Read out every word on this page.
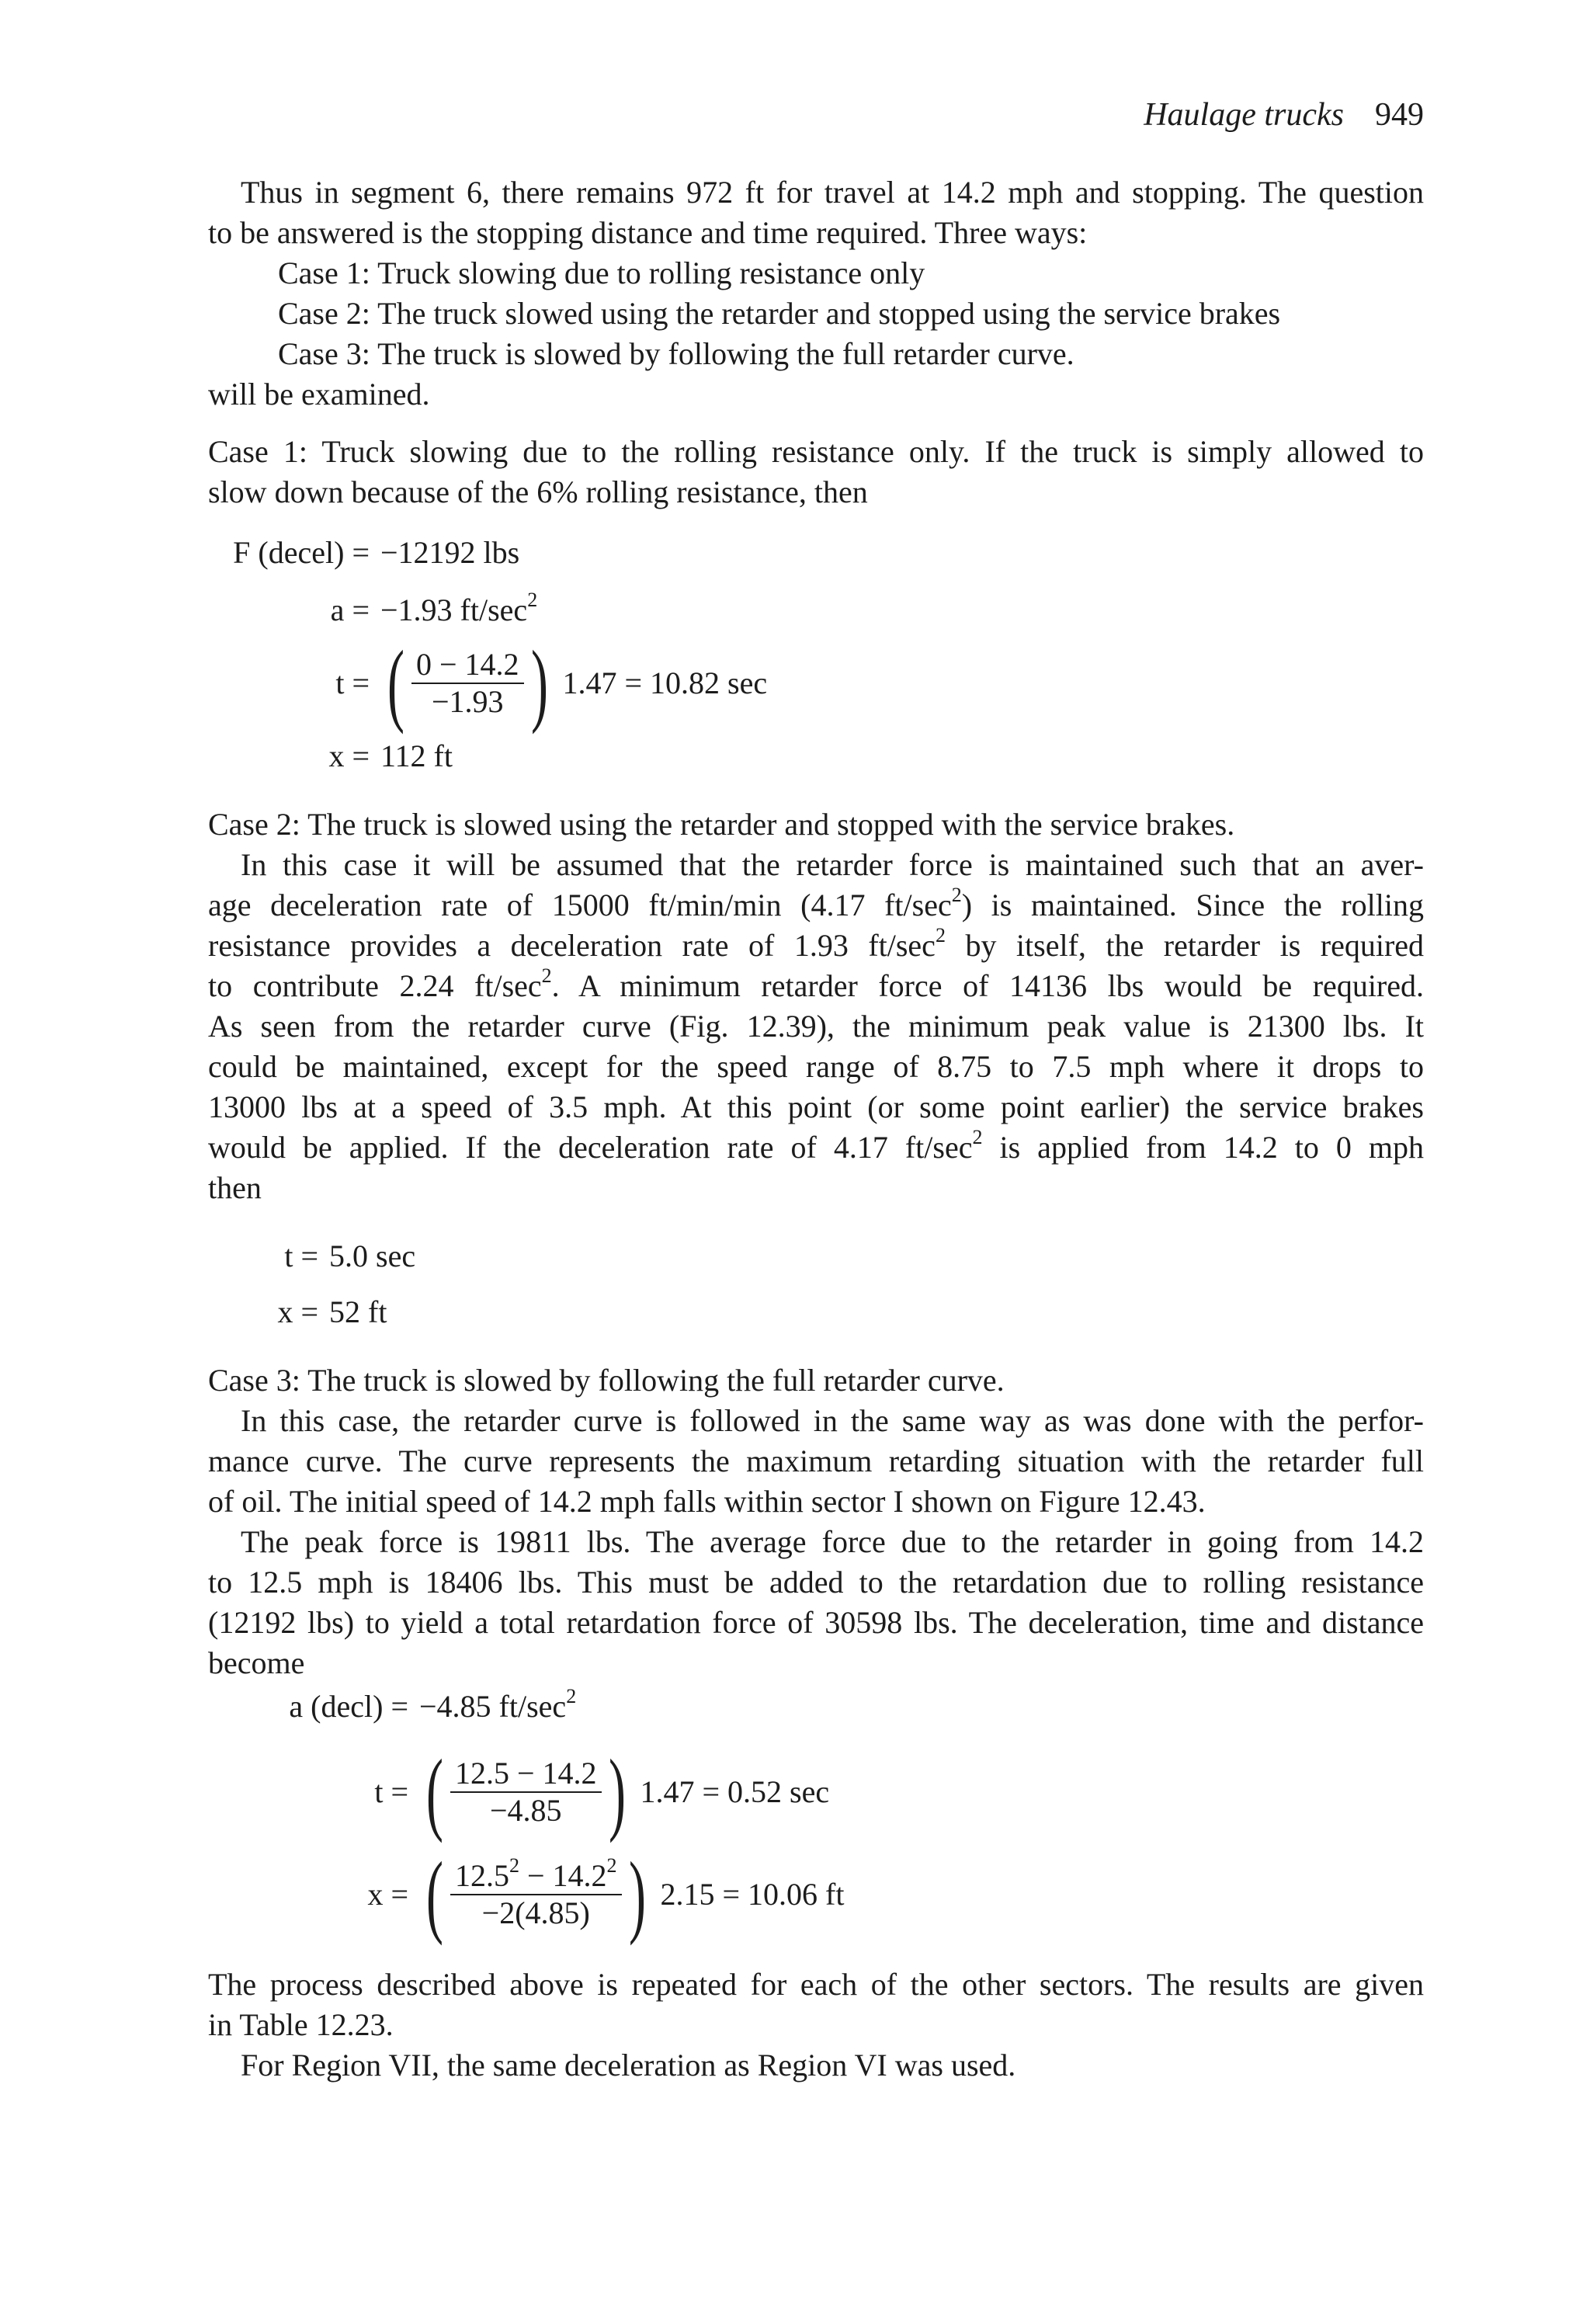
Haulage trucks 949

Thus in segment 6, there remains 972 ft for travel at 14.2 mph and stopping. The question

to be answered is the stopping distance and time required. Three ways:

Case 1: Truck slowing due to rolling resistance only

Case 2: The truck slowed using the retarder and stopped using the service brakes

Case 3: The truck is slowed by following the full retarder curve.

will be examined.

Case 1: Truck slowing due to the rolling resistance only. If the truck is simply allowed to

slow down because of the 6% rolling resistance, then

F (decel) =
a =
t =
x =
−12192 lbs
−1.93 $ft/\sec^2$
( $\frac{0 - 14.2}{-1.93}$ )
1.47 = 10.82 sec
112 ft

Case 2: The truck is slowed using the retarder and stopped with the service brakes.

In this case it will be assumed that the retarder force is maintained such that an aver-

age deceleration rate of 15000 ft/min/min (4.17 $ft/\sec^2$) is maintained. Since the rolling

resistance provides a deceleration rate of 1.93 $ft/\sec^2$ by itself, the retarder is required

to contribute 2.24 $ft/\sec^2$. A minimum retarder force of 14136 lbs would be required.

As seen from the retarder curve (Fig. 12.39), the minimum peak value is 21300 lbs. It

could be maintained, except for the speed range of 8.75 to 7.5 mph where it drops to

13000 lbs at a speed of 3.5 mph. At this point (or some point earlier) the service brakes

would be applied. If the deceleration rate of 4.17 $ft/\sec^2$ is applied from 14.2 to 0 mph

then

t =
x =
5.0 sec
52 ft

Case 3: The truck is slowed by following the full retarder curve.

In this case, the retarder curve is followed in the same way as was done with the perfor-

mance curve. The curve represents the maximum retarding situation with the retarder full

of oil. The initial speed of 14.2 mph falls within sector I shown on Figure 12.43.

The peak force is 19811 lbs. The average force due to the retarder in going from 14.2

to 12.5 mph is 18406 lbs. This must be added to the retardation due to rolling resistance

(12192 lbs) to yield a total retardation force of 30598 lbs. The deceleration, time and distance

become

a (decl) =
t =
x =
−4.85 $ft/\sec^2$
( $\frac{12.5 - 14.2}{-4.85}$ )
1.47 = 0.52 sec
( $\frac{12.5^2 - 14.2^2}{-2(4.85)}$ )
2.15 = 10.06 ft

The process described above is repeated for each of the other sectors. The results are given

in Table 12.23.

For Region VII, the same deceleration as Region VI was used.
